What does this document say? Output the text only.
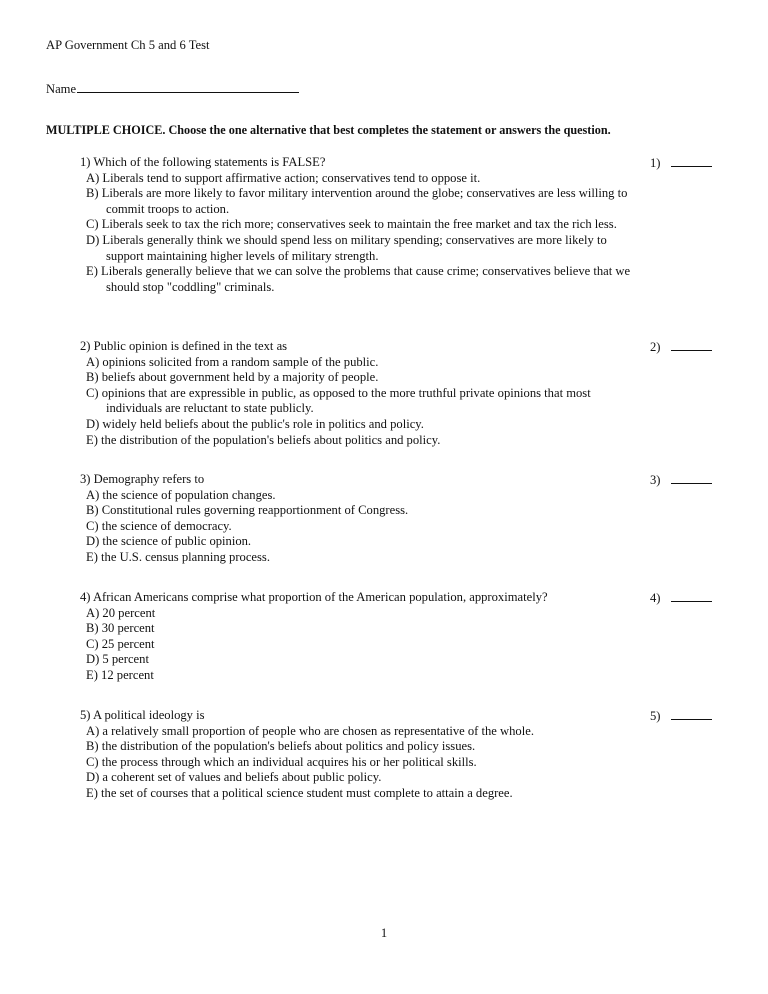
AP Government Ch 5 and 6 Test
Name
MULTIPLE CHOICE. Choose the one alternative that best completes the statement or answers the question.
1) Which of the following statements is FALSE?
A) Liberals tend to support affirmative action; conservatives tend to oppose it.
B) Liberals are more likely to favor military intervention around the globe; conservatives are less willing to commit troops to action.
C) Liberals seek to tax the rich more; conservatives seek to maintain the free market and tax the rich less.
D) Liberals generally think we should spend less on military spending; conservatives are more likely to support maintaining higher levels of military strength.
E) Liberals generally believe that we can solve the problems that cause crime; conservatives believe that we should stop "coddling" criminals.
1)
2) Public opinion is defined in the text as
A) opinions solicited from a random sample of the public.
B) beliefs about government held by a majority of people.
C) opinions that are expressible in public, as opposed to the more truthful private opinions that most individuals are reluctant to state publicly.
D) widely held beliefs about the public's role in politics and policy.
E) the distribution of the population's beliefs about politics and policy.
2)
3) Demography refers to
A) the science of population changes.
B) Constitutional rules governing reapportionment of Congress.
C) the science of democracy.
D) the science of public opinion.
E) the U.S. census planning process.
3)
4) African Americans comprise what proportion of the American population, approximately?
A) 20 percent
B) 30 percent
C) 25 percent
D) 5 percent
E) 12 percent
4)
5) A political ideology is
A) a relatively small proportion of people who are chosen as representative of the whole.
B) the distribution of the population's beliefs about politics and policy issues.
C) the process through which an individual acquires his or her political skills.
D) a coherent set of values and beliefs about public policy.
E) the set of courses that a political science student must complete to attain a degree.
5)
1
